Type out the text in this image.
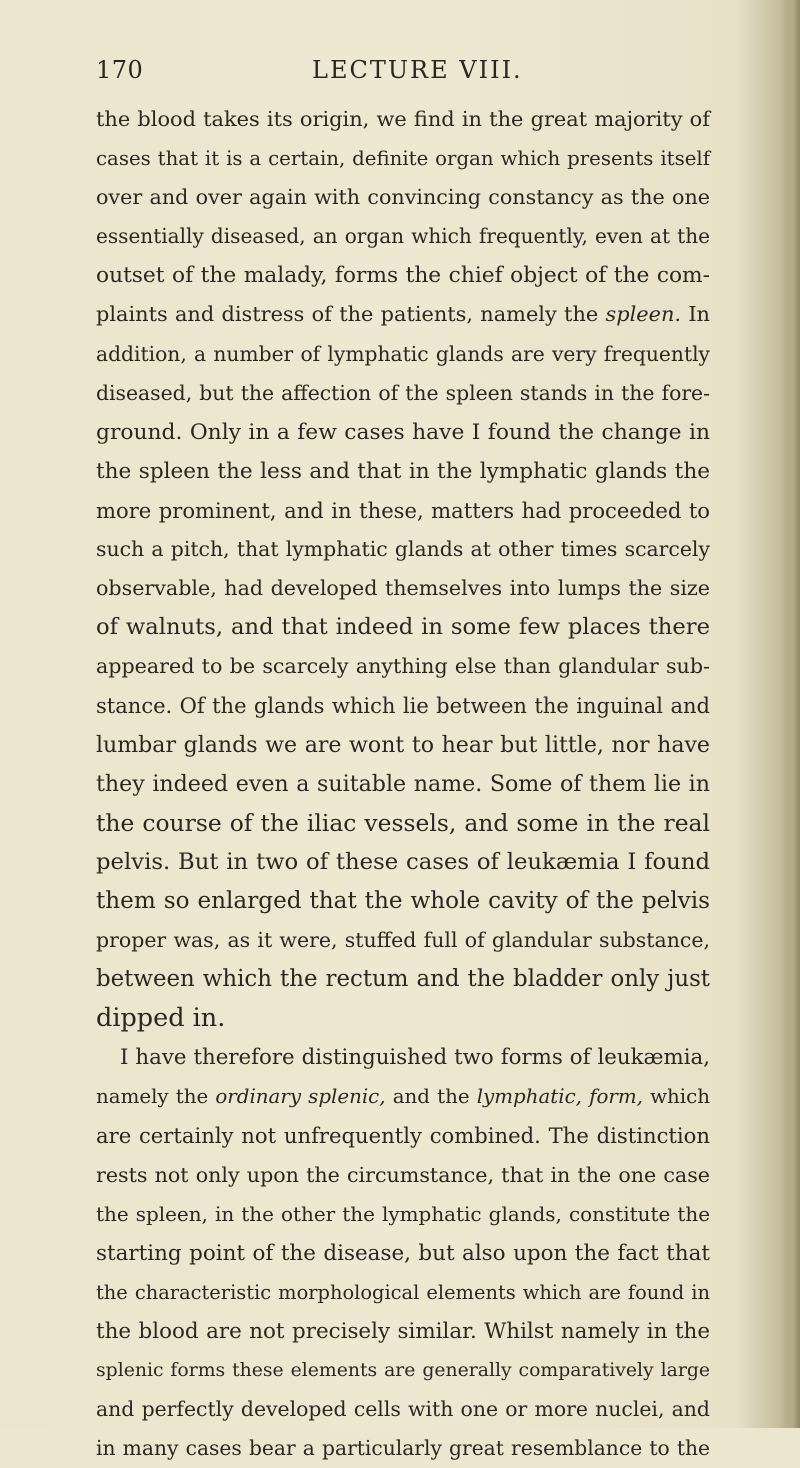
170	LECTURE VIII.
the blood takes its origin, we find in the great majority of
cases that it is a certain, definite organ which presents itself
over and over again with convincing constancy as the one
essentially diseased, an organ which frequently, even at the
outset of the malady, forms the chief object of the com-
plaints and distress of the patients, namely the spleen. In
addition, a number of lymphatic glands are very frequently
diseased, but the affection of the spleen stands in the fore-
ground. Only in a few cases have I found the change in
the spleen the less and that in the lymphatic glands the
more prominent, and in these, matters had proceeded to
such a pitch, that lymphatic glands at other times scarcely
observable, had developed themselves into lumps the size
of walnuts, and that indeed in some few places there
appeared to be scarcely anything else than glandular sub-
stance. Of the glands which lie between the inguinal and
lumbar glands we are wont to hear but little, nor have
they indeed even a suitable name. Some of them lie in
the course of the iliac vessels, and some in the real
pelvis. But in two of these cases of leukæmia I found
them so enlarged that the whole cavity of the pelvis
proper was, as it were, stuffed full of glandular substance,
between which the rectum and the bladder only just
dipped in.
I have therefore distinguished two forms of leukæmia,
namely the ordinary splenic, and the lymphatic, form, which
are certainly not unfrequently combined. The distinction
rests not only upon the circumstance, that in the one case
the spleen, in the other the lymphatic glands, constitute the
starting point of the disease, but also upon the fact that
the characteristic morphological elements which are found in
the blood are not precisely similar. Whilst namely in the
splenic forms these elements are generally comparatively large
and perfectly developed cells with one or more nuclei, and
in many cases bear a particularly great resemblance to the
